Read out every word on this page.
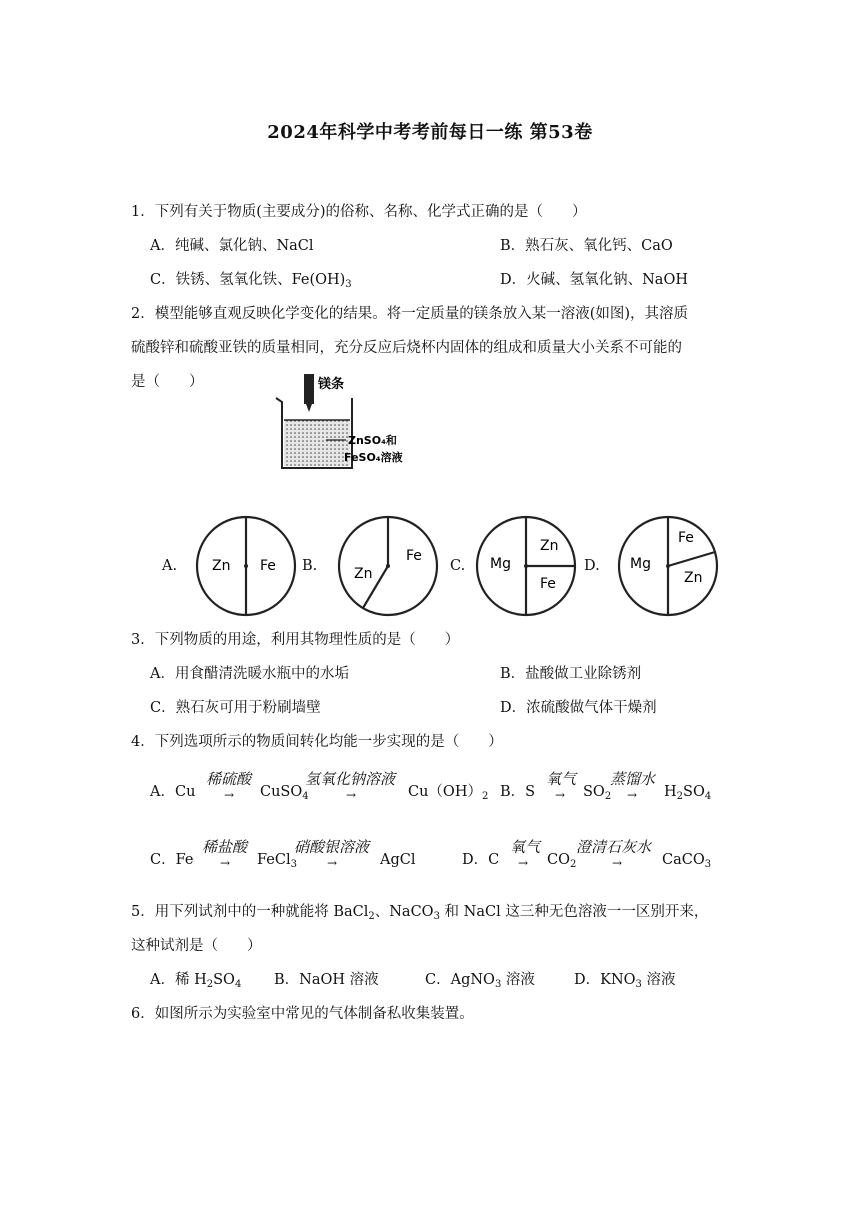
2024年科学中考考前每日一练 第53卷
1．下列有关于物质(主要成分)的俗称、名称、化学式正确的是（　　）
A．纯碱、氯化钠、NaCl	B．熟石灰、氧化钙、CaO
C．铁锈、氢氧化铁、$Fe(OH)_3$	D．火碱、氢氧化钠、NaOH
2．模型能够直观反映化学变化的结果。将一定质量的镁条放入某一溶液(如图)，其溶质
硫酸锌和硫酸亚铁的质量相同，充分反应后烧杯内固体的组成和质量大小关系不可能的
是（　　）	镁条
ZnSO₄和
FeSO₄溶液
A. Zn Fe B.	Zn
Fe
C. Mg
Zn
Fe
D. Mg
Fe
Zn
3．下列物质的用途，利用其物理性质的是（　　）
A．用食醋清洗暖水瓶中的水垢	B．盐酸做工业除锈剂
C．熟石灰可用于粉刷墙壁	D．浓硫酸做气体干燥剂
4．下列选项所示的物质间转化均能一步实现的是（　　）
A．Cu
稀硫酸
→ CuSO$_4$
氢氧化钠溶液
→	$Cu(OH)_2$ B．S
氧气
→ $SO_2$
蒸馏水
→ $H_2SO_4$
C．Fe
稀盐酸
→ FeCl$_3$
硝酸银溶液
→	AgCl	D．C
氧气
→ $CO_2$
澄清石灰水
→	CaCO$_3$
5．用下列试剂中的一种就能将 BaCl$_2$、NaCO$_3$ 和 NaCl 这三种无色溶液一一区别开来，
这种试剂是（　　）
A．稀 $H_2SO_4$ B．NaOH 溶液	C．AgNO$_3$ 溶液	D．$KNO_3$ 溶液
6．如图所示为实验室中常见的气体制备私收集装置。
